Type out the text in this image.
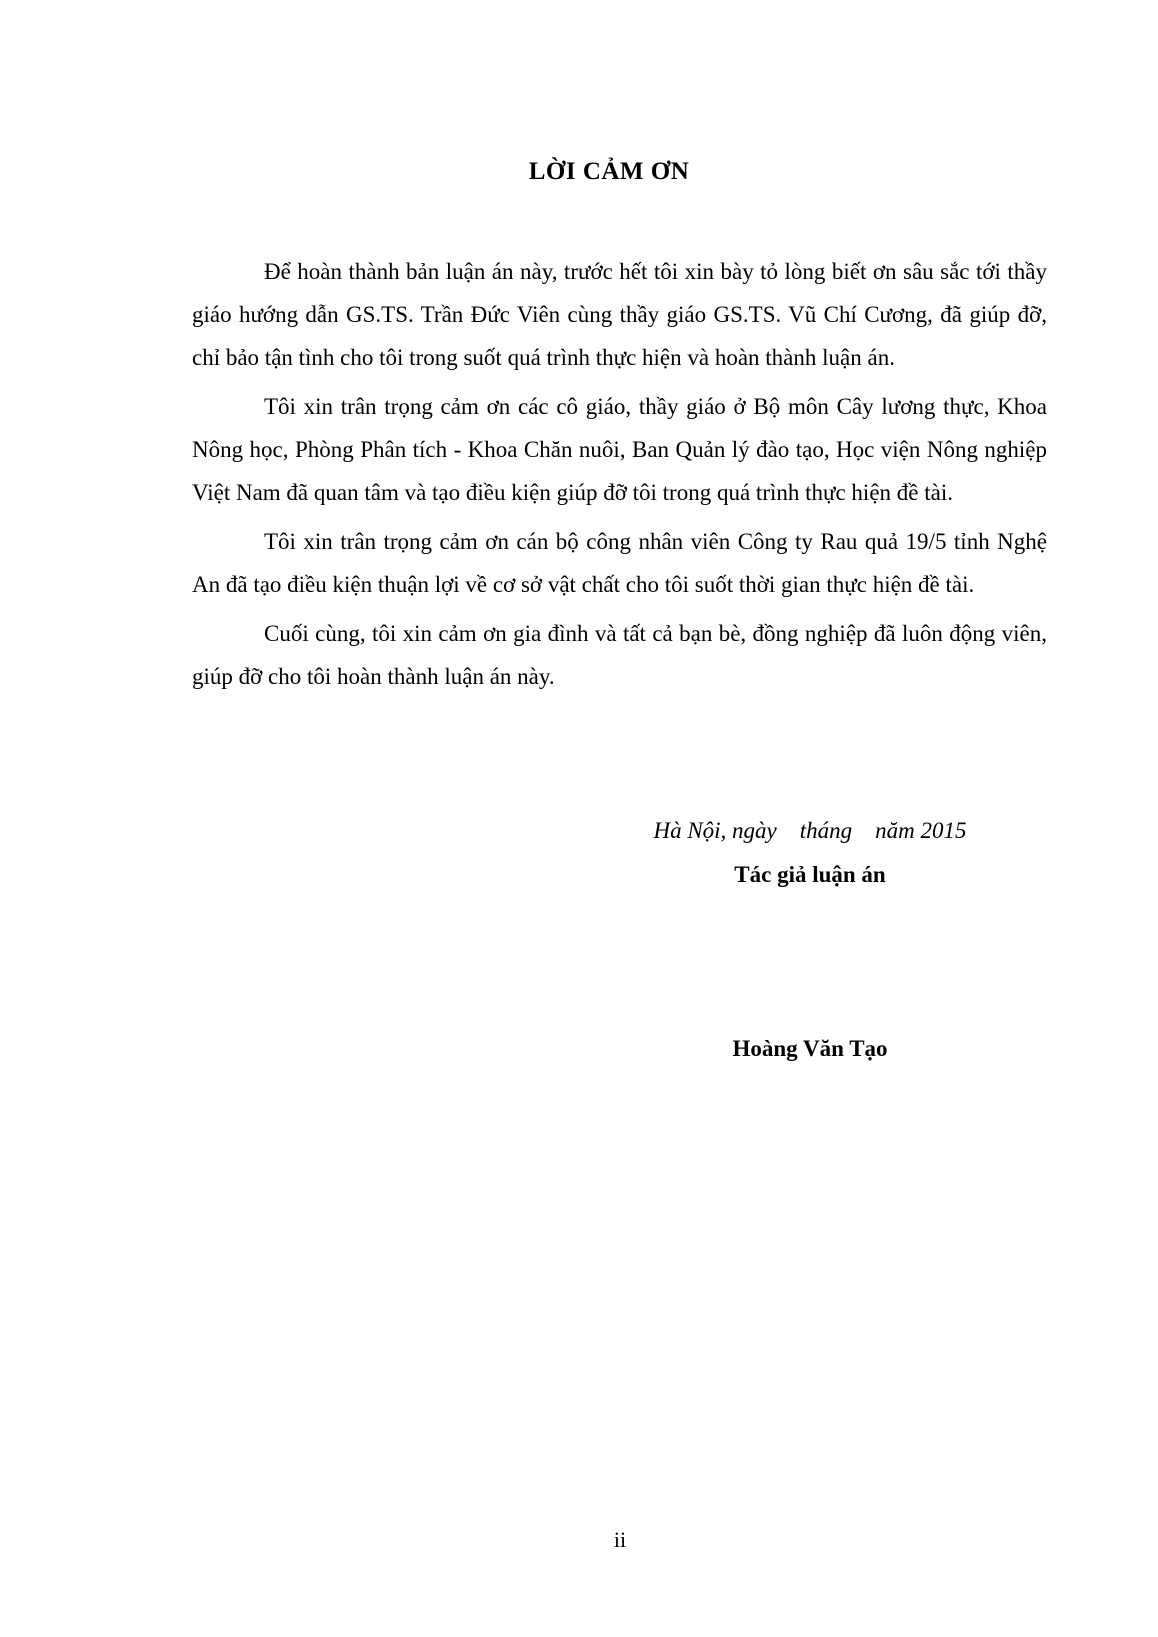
LỜI CẢM ƠN

Để hoàn thành bản luận án này, trước hết tôi xin bày tỏ lòng biết ơn sâu sắc tới thầy giáo hướng dẫn GS.TS. Trần Đức Viên cùng thầy giáo GS.TS. Vũ Chí Cương, đã giúp đỡ, chỉ bảo tận tình cho tôi trong suốt quá trình thực hiện và hoàn thành luận án.

Tôi xin trân trọng cảm ơn các cô giáo, thầy giáo ở Bộ môn Cây lương thực, Khoa Nông học, Phòng Phân tích - Khoa Chăn nuôi, Ban Quản lý đào tạo, Học viện Nông nghiệp Việt Nam đã quan tâm và tạo điều kiện giúp đỡ tôi trong quá trình thực hiện đề tài.

Tôi xin trân trọng cảm ơn cán bộ công nhân viên Công ty Rau quả 19/5 tỉnh Nghệ An đã tạo điều kiện thuận lợi về cơ sở vật chất cho tôi suốt thời gian thực hiện đề tài.

Cuối cùng, tôi xin cảm ơn gia đình và tất cả bạn bè, đồng nghiệp đã luôn động viên, giúp đỡ cho tôi hoàn thành luận án này.

Hà Nội, ngày    tháng    năm 2015
Tác giả luận án
Hoàng Văn Tạo
ii
